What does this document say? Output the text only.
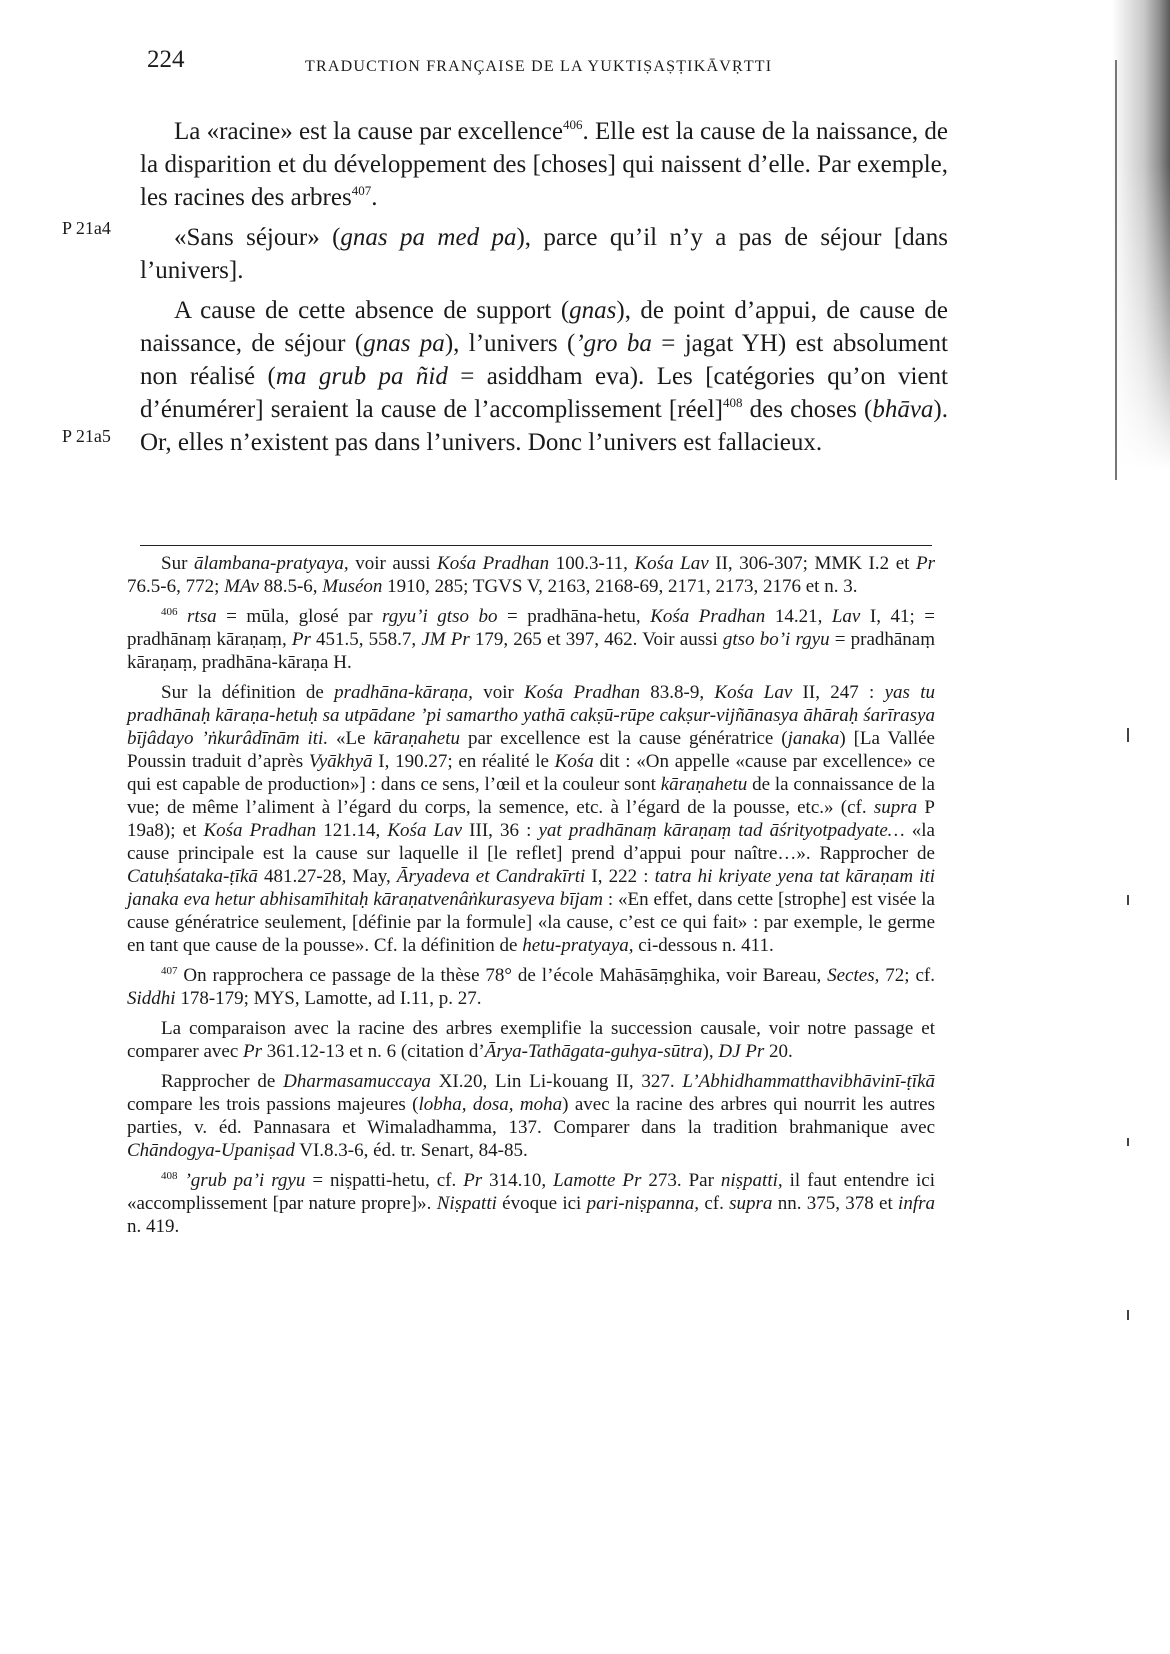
224	TRADUCTION FRANÇAISE DE LA YUKTIṢAṢṬIKĀVṚTTI
P 21a4
P 21a5

La «racine» est la cause par excellence$^{406}$. Elle est la cause de la naissance, de la disparition et du développement des [choses] qui naissent d’elle. Par exemple, les racines des arbres$^{407}$.

«Sans séjour» (gnas pa med pa), parce qu’il n’y a pas de séjour [dans l’univers].

A cause de cette absence de support (gnas), de point d’appui, de cause de naissance, de séjour (gnas pa), l’univers (’gro ba = jagat YH) est absolument non réalisé (ma grub pa ñid = asiddham eva). Les [catégories qu’on vient d’énumérer] seraient la cause de l’accomplissement [réel]$^{408}$ des choses (bhāva). Or, elles n’existent pas dans l’univers. Donc l’univers est fallacieux.

Sur ālambana-pratyaya, voir aussi Kośa Pradhan 100.3-11, Kośa Lav II, 306-307; MMK I.2 et Pr 76.5-6, 772; MAv 88.5-6, Muséon 1910, 285; TGVS V, 2163, 2168-69, 2171, 2173, 2176 et n. 3.

$^{406}$ rtsa = mūla, glosé par rgyu’i gtso bo = pradhāna-hetu, Kośa Pradhan 14.21, Lav I, 41; = pradhānaṃ kāraṇaṃ, Pr 451.5, 558.7, JM Pr 179, 265 et 397, 462. Voir aussi gtso bo’i rgyu = pradhānaṃ kāraṇaṃ, pradhāna-kāraṇa H.

Sur la définition de pradhāna-kāraṇa, voir Kośa Pradhan 83.8-9, Kośa Lav II, 247 : yas tu pradhānaḥ kāraṇa-hetuḥ sa utpādane ’pi samartho yathā cakṣū-rūpe cakṣur-vijñānasya āhāraḥ śarīrasya bījâdayo ’ṅkurâdīnām iti. «Le kāraṇahetu par excellence est la cause génératrice (janaka) [La Vallée Poussin traduit d’après Vyākhyā I, 190.27; en réalité le Kośa dit : «On appelle «cause par excellence» ce qui est capable de production»] : dans ce sens, l’œil et la couleur sont kāraṇahetu de la connaissance de la vue; de même l’aliment à l’égard du corps, la semence, etc. à l’égard de la pousse, etc.» (cf. supra P 19a8); et Kośa Pradhan 121.14, Kośa Lav III, 36 : yat pradhānaṃ kāraṇaṃ tad āśrityotpadyate… «la cause principale est la cause sur laquelle il [le reflet] prend d’appui pour naître…». Rapprocher de Catuḥśataka-ṭīkā 481.27-28, May, Āryadeva et Candrakīrti I, 222 : tatra hi kriyate yena tat kāraṇam iti janaka eva hetur abhisamīhitaḥ kāraṇatvenâṅkurasyeva bījam : «En effet, dans cette [strophe] est visée la cause génératrice seulement, [définie par la formule] «la cause, c’est ce qui fait» : par exemple, le germe en tant que cause de la pousse». Cf. la définition de hetu-pratyaya, ci-dessous n. 411.

$^{407}$ On rapprochera ce passage de la thèse 78° de l’école Mahāsāṃghika, voir Bareau, Sectes, 72; cf. Siddhi 178-179; MYS, Lamotte, ad I.11, p. 27.

La comparaison avec la racine des arbres exemplifie la succession causale, voir notre passage et comparer avec Pr 361.12-13 et n. 6 (citation d’Ārya-Tathāgata-guhya-sūtra), DJ Pr 20.

Rapprocher de Dharmasamuccaya XI.20, Lin Li-kouang II, 327. L’Abhidhammatthavibhāvinī-ṭīkā compare les trois passions majeures (lobha, dosa, moha) avec la racine des arbres qui nourrit les autres parties, v. éd. Pannasara et Wimaladhamma, 137. Comparer dans la tradition brahmanique avec Chāndogya-Upaniṣad VI.8.3-6, éd. tr. Senart, 84-85.

$^{408}$ ’grub pa’i rgyu = niṣpatti-hetu, cf. Pr 314.10, Lamotte Pr 273. Par niṣpatti, il faut entendre ici «accomplissement [par nature propre]». Niṣpatti évoque ici pari-niṣpanna, cf. supra nn. 375, 378 et infra n. 419.
